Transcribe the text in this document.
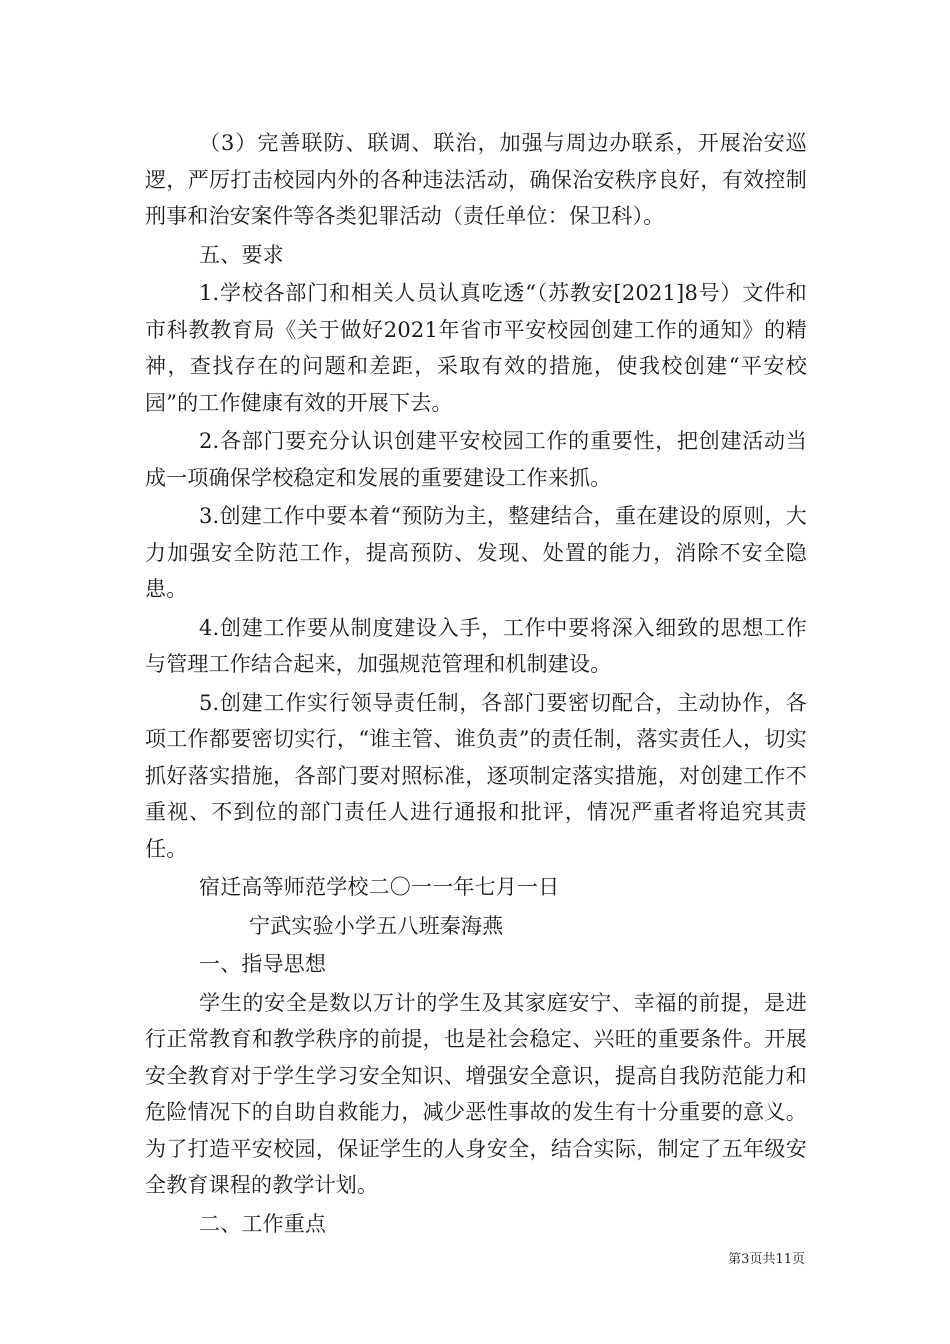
（3）完善联防、联调、联治，加强与周边办联系，开展治安巡逻，严厉打击校园内外的各种违法活动，确保治安秩序良好，有效控制刑事和治安案件等各类犯罪活动（责任单位：保卫科）。

五、要求

1.学校各部门和相关人员认真吃透“（苏教安[2021]8号）文件和市科教教育局《关于做好2021年省市平安校园创建工作的通知》的精神，查找存在的问题和差距，采取有效的措施，使我校创建“平安校园”的工作健康有效的开展下去。

2.各部门要充分认识创建平安校园工作的重要性，把创建活动当成一项确保学校稳定和发展的重要建设工作来抓。

3.创建工作中要本着“预防为主，整建结合，重在建设的原则，大力加强安全防范工作，提高预防、发现、处置的能力，消除不安全隐患。

4.创建工作要从制度建设入手，工作中要将深入细致的思想工作与管理工作结合起来，加强规范管理和机制建设。

5.创建工作实行领导责任制，各部门要密切配合，主动协作，各项工作都要密切实行，“谁主管、谁负责”的责任制，落实责任人，切实抓好落实措施，各部门要对照标准，逐项制定落实措施，对创建工作不重视、不到位的部门责任人进行通报和批评，情况严重者将追究其责任。

宿迁高等师范学校二〇一一年七月一日

宁武实验小学五八班秦海燕

一、指导思想

学生的安全是数以万计的学生及其家庭安宁、幸福的前提，是进行正常教育和教学秩序的前提，也是社会稳定、兴旺的重要条件。开展安全教育对于学生学习安全知识、增强安全意识，提高自我防范能力和危险情况下的自助自救能力，减少恶性事故的发生有十分重要的意义。为了打造平安校园，保证学生的人身安全，结合实际，制定了五年级安全教育课程的教学计划。

二、工作重点

第3页共11页
